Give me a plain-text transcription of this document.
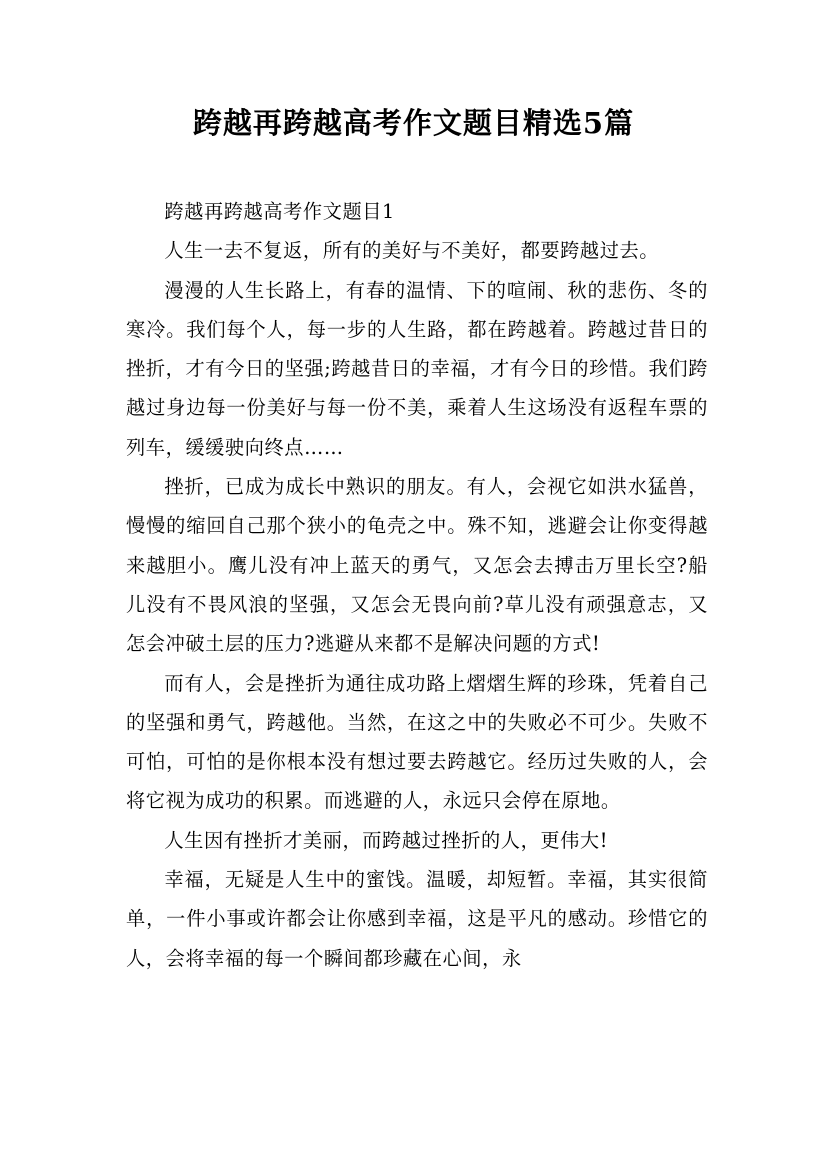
跨越再跨越高考作文题目精选5篇

跨越再跨越高考作文题目1

人生一去不复返，所有的美好与不美好，都要跨越过去。

漫漫的人生长路上，有春的温情、下的喧闹、秋的悲伤、冬的寒冷。我们每个人，每一步的人生路，都在跨越着。跨越过昔日的挫折，才有今日的坚强;跨越昔日的幸福，才有今日的珍惜。我们跨越过身边每一份美好与每一份不美，乘着人生这场没有返程车票的列车，缓缓驶向终点……

挫折，已成为成长中熟识的朋友。有人，会视它如洪水猛兽，慢慢的缩回自己那个狭小的龟壳之中。殊不知，逃避会让你变得越来越胆小。鹰儿没有冲上蓝天的勇气，又怎会去搏击万里长空?船儿没有不畏风浪的坚强，又怎会无畏向前?草儿没有顽强意志，又怎会冲破土层的压力?逃避从来都不是解决问题的方式!

而有人，会是挫折为通往成功路上熠熠生辉的珍珠，凭着自己的坚强和勇气，跨越他。当然，在这之中的失败必不可少。失败不可怕，可怕的是你根本没有想过要去跨越它。经历过失败的人，会将它视为成功的积累。而逃避的人，永远只会停在原地。

人生因有挫折才美丽，而跨越过挫折的人，更伟大!

幸福，无疑是人生中的蜜饯。温暖，却短暂。幸福，其实很简单，一件小事或许都会让你感到幸福，这是平凡的感动。珍惜它的人，会将幸福的每一个瞬间都珍藏在心间，永
